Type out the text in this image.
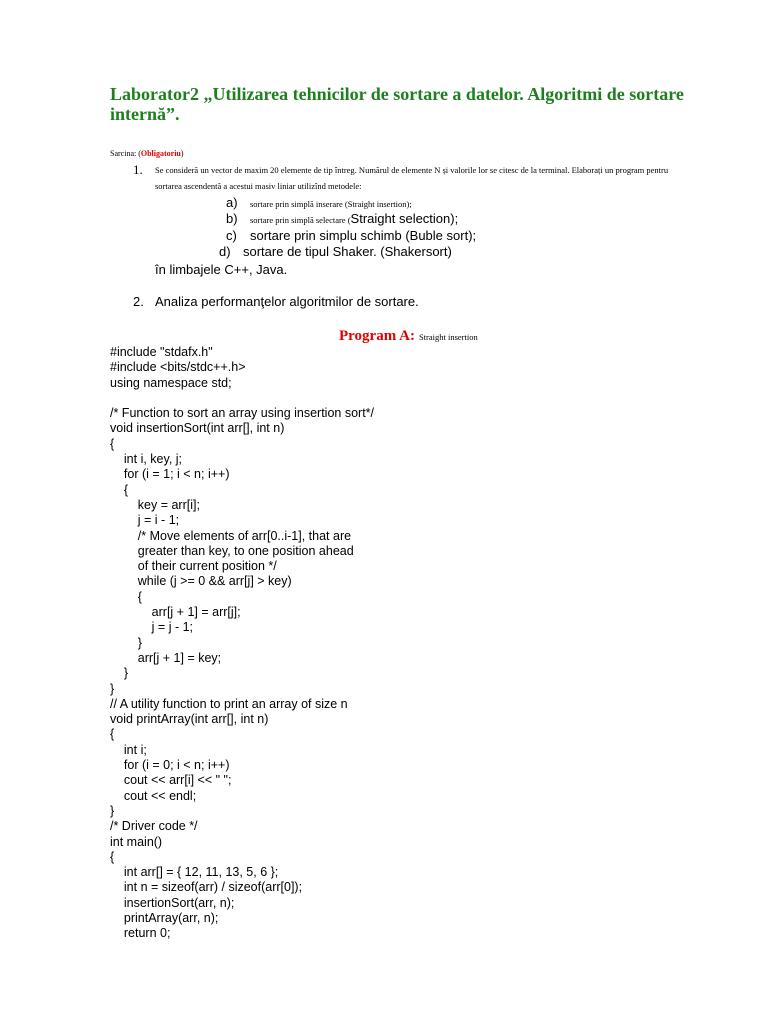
Laborator2 „Utilizarea tehnicilor de sortare a datelor. Algoritmi de sortare internă”.
Sarcina: (Obligatoriu)
1. Se consideră un vector de maxim 20 elemente de tip întreg. Numărul de elemente N și valorile lor se citesc de la terminal. Elaborați un program pentru
sortarea ascendentă a acestui masiv liniar utilizînd metodele:
a) sortare prin simplă inserare (Straight insertion);
b) sortare prin simplă selectare (Straight selection);
c) sortare prin simplu schimb (Buble sort);
d) sortare de tipul Shaker. (Shakersort)
în limbajele C++, Java.
2. Analiza performanţelor algoritmilor de sortare.
Program A: Straight insertion
#include "stdafx.h"
#include <bits/stdc++.h>
using namespace std;
/* Function to sort an array using insertion sort*/
void insertionSort(int arr[], int n)
{
int i, key, j;
for (i = 1; i < n; i++)
{
key = arr[i];
j = i - 1;
/* Move elements of arr[0..i-1], that are
greater than key, to one position ahead
of their current position */
while (j >= 0 && arr[j] > key)
{
arr[j + 1] = arr[j];
j = j - 1;
}
arr[j + 1] = key;
}
}
// A utility function to print an array of size n
void printArray(int arr[], int n)
{
int i;
for (i = 0; i < n; i++)
cout << arr[i] << " ";
cout << endl;
}
/* Driver code */
int main()
{
int arr[] = { 12, 11, 13, 5, 6 };
int n = sizeof(arr) / sizeof(arr[0]);
insertionSort(arr, n);
printArray(arr, n);
return 0;
